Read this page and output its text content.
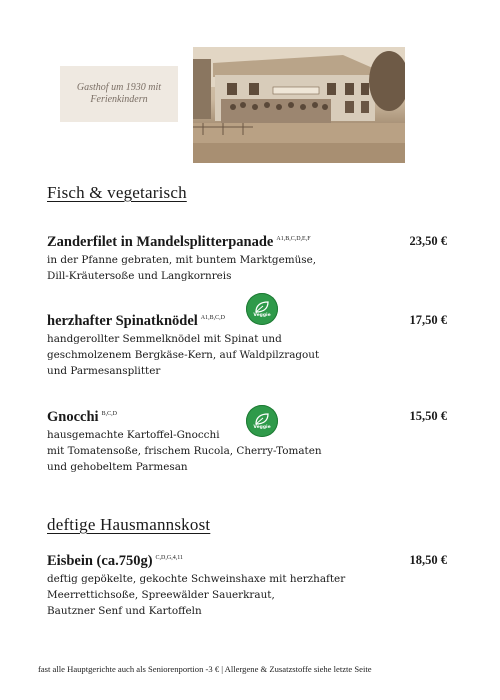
Gasthof um 1930 mit
Ferienkindern
Fisch & vegetarisch
Zanderfilet in Mandelsplitterpanade $^{A1,B,C,D,E,F}$	23,50 €
in der Pfanne gebraten, mit buntem Marktgemüse,
Dill-Kräutersoße und Langkornreis
herzhafter Spinatknödel $^{A1,B,C,D}$	17,50 €
handgerollter Semmelknödel mit Spinat und
geschmolzenem Bergkäse-Kern, auf Waldpilzragout
und Parmesansplitter
Veggie
Gnocchi $^{B,C,D}$	15,50 €
hausgemachte Kartoffel-Gnocchi
mit Tomatensoße, frischem Rucola, Cherry-Tomaten
und gehobeltem Parmesan
Veggie
deftige Hausmannskost
Eisbein (ca.750g) $^{C,D,G,4,11}$	18,50 €
deftig gepökelte, gekochte Schweinshaxe mit herzhafter
Meerrettichsoße, Spreewälder Sauerkraut,
Bautzner Senf und Kartoffeln
fast alle Hauptgerichte auch als Seniorenportion -3 € | Allergene & Zusatzstoffe siehe letzte Seite
